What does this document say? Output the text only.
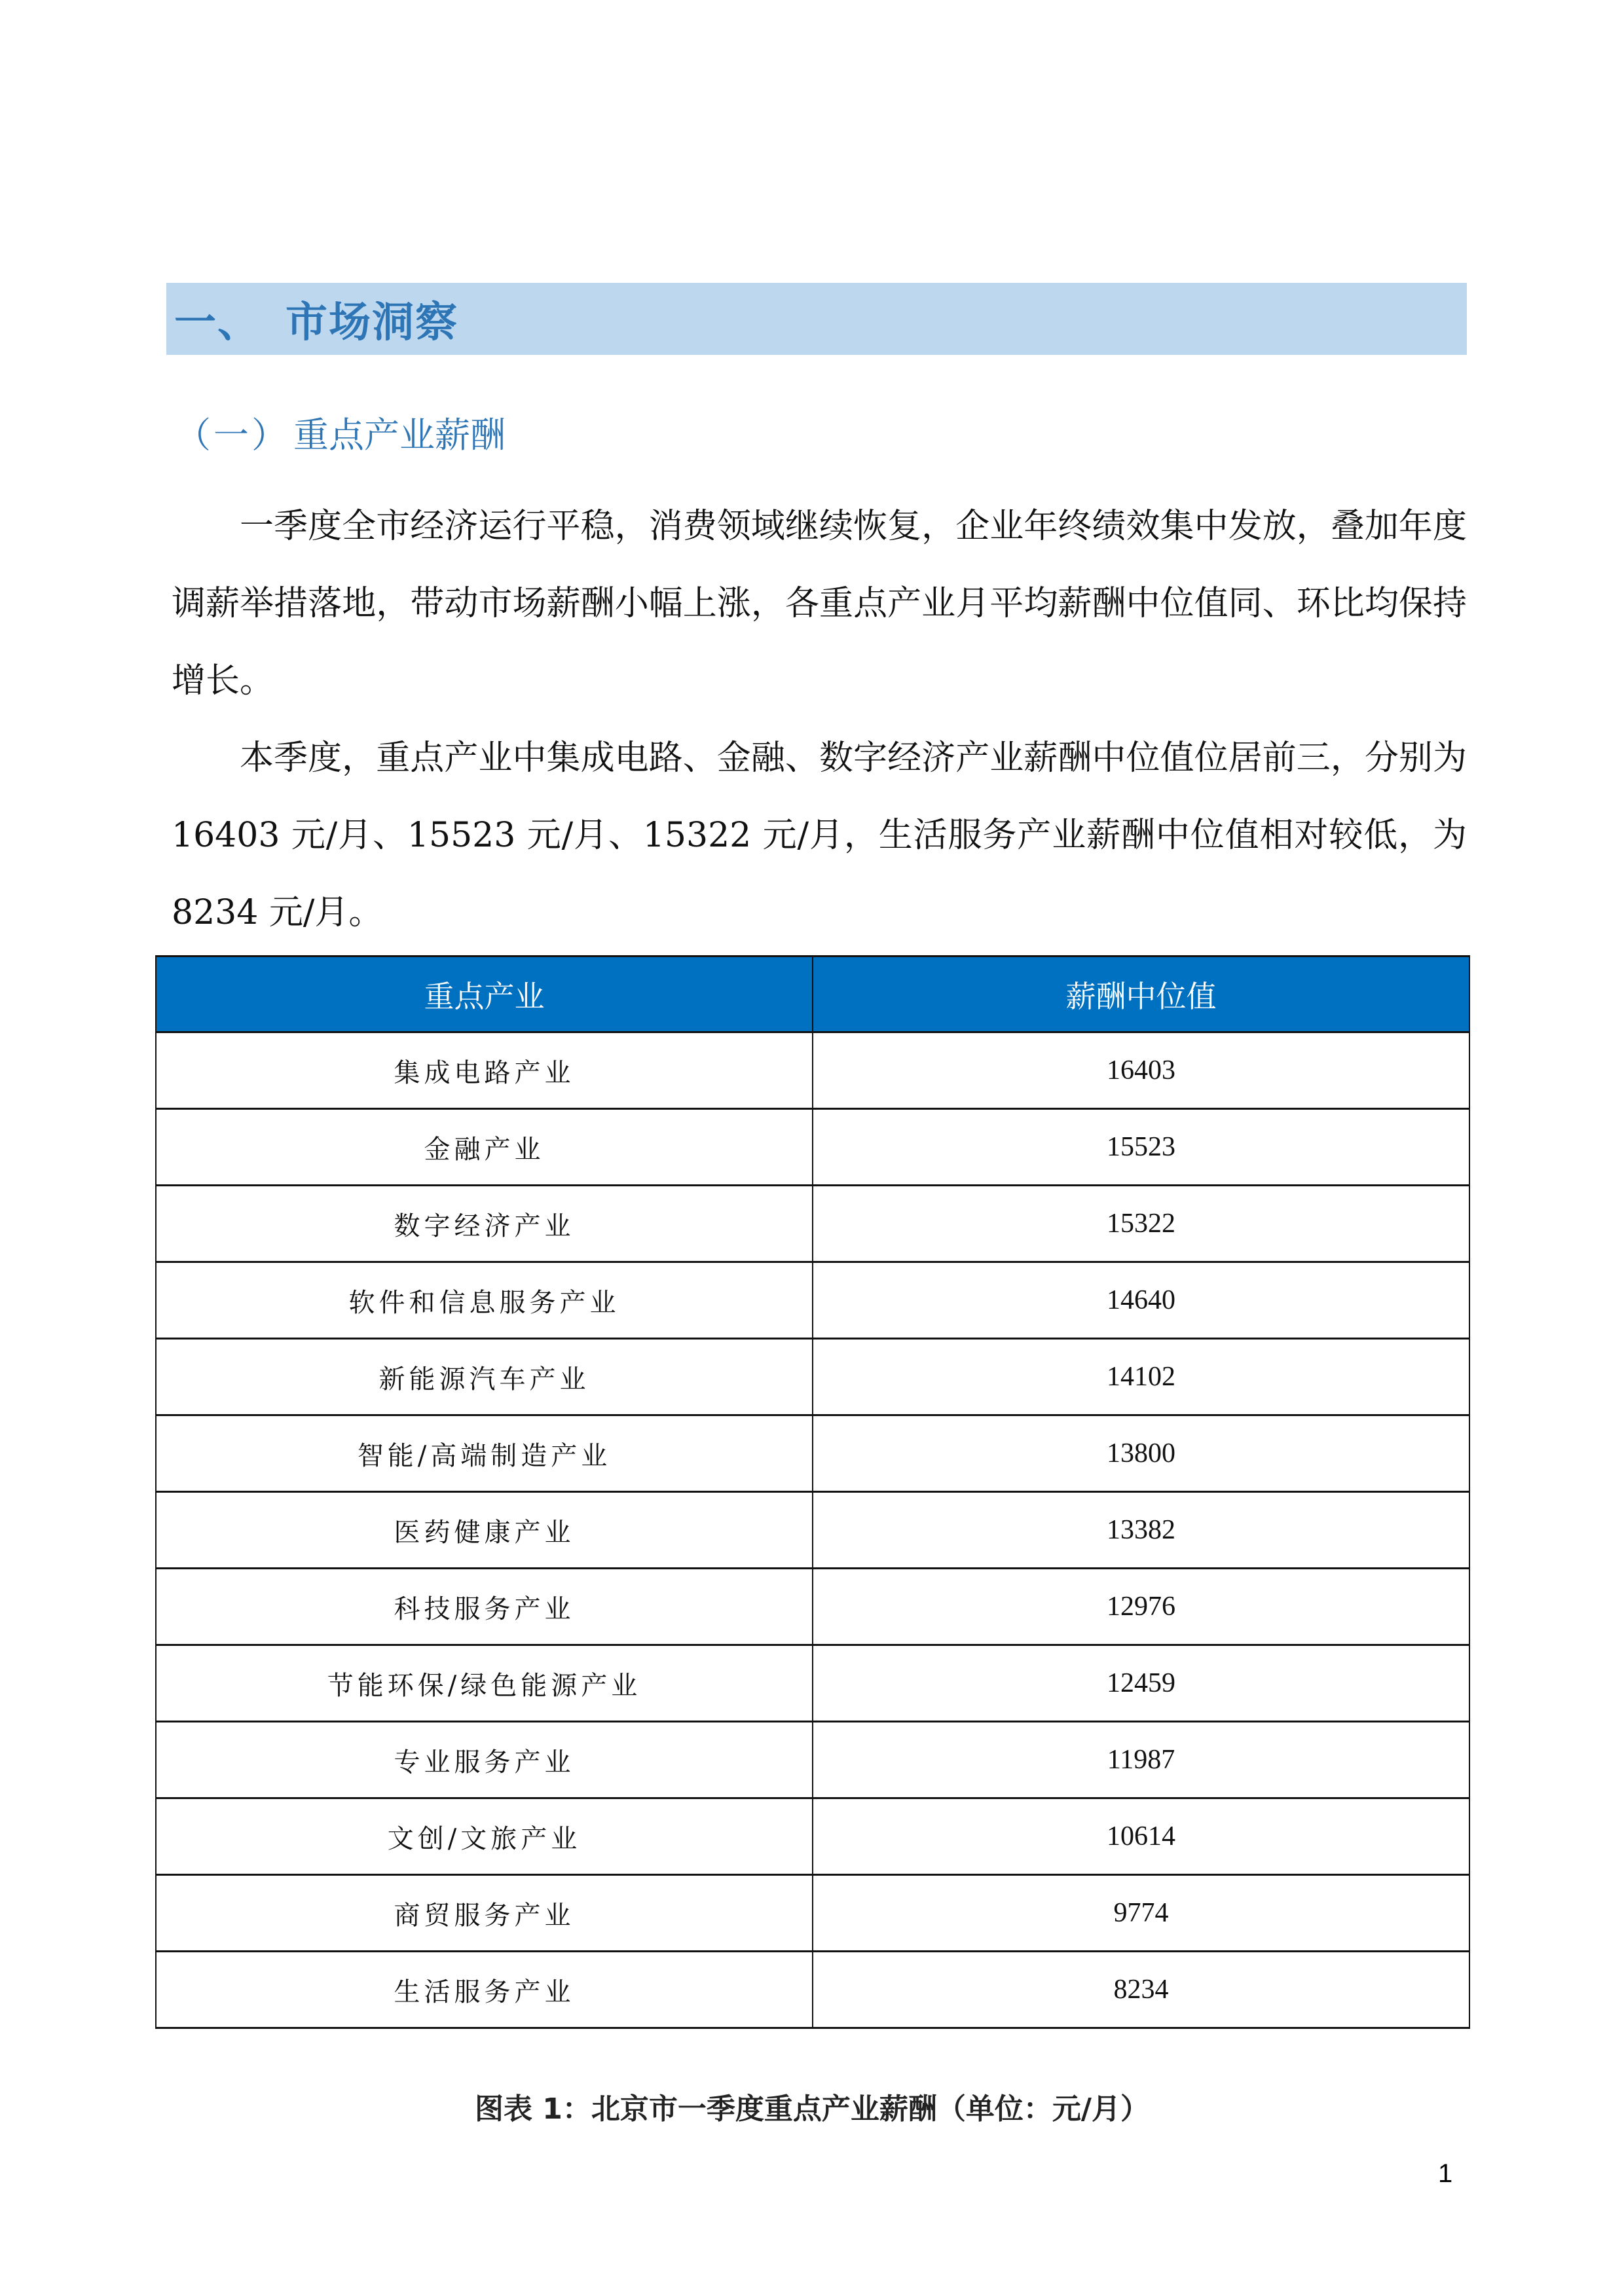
一、 市场洞察
（一） 重点产业薪酬

一季度全市经济运行平稳，消费领域继续恢复，企业年终绩效集中发放，叠加年度调薪举措落地，带动市场薪酬小幅上涨，各重点产业月平均薪酬中位值同、环比均保持增长。

本季度，重点产业中集成电路、金融、数字经济产业薪酬中位值位居前三，分别为 16403 元/月、15523 元/月、15322 元/月，生活服务产业薪酬中位值相对较低，为 8234 元/月。

重点产业	薪酬中位值
集成电路产业	16403
金融产业	15523
数字经济产业	15322
软件和信息服务产业	14640
新能源汽车产业	14102
智能/高端制造产业	13800
医药健康产业	13382
科技服务产业	12976
节能环保/绿色能源产业	12459
专业服务产业	11987
文创/文旅产业	10614
商贸服务产业	9774
生活服务产业	8234
图表 1：北京市一季度重点产业薪酬（单位：元/月）
1
